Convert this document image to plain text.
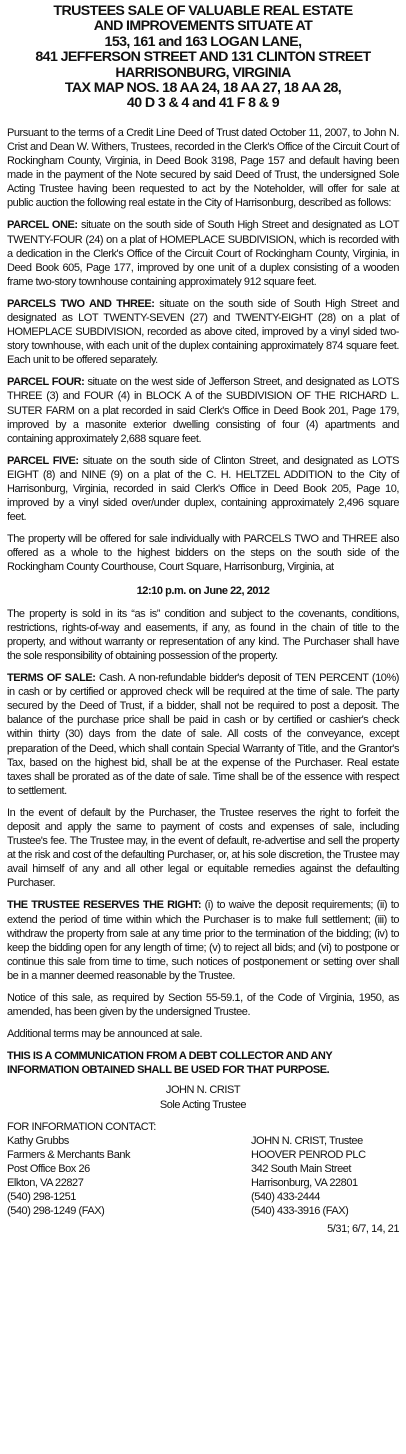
TRUSTEES SALE OF VALUABLE REAL ESTATE
AND IMPROVEMENTS SITUATE AT
153, 161 and 163 LOGAN LANE,
841 JEFFERSON STREET AND 131 CLINTON STREET
HARRISONBURG, VIRGINIA
TAX MAP NOS. 18 AA 24, 18 AA 27, 18 AA 28,
40 D 3 & 4 and 41 F 8 & 9

Pursuant to the terms of a Credit Line Deed of Trust dated October 11, 2007, to John N. Crist and Dean W. Withers, Trustees, recorded in the Clerk's Office of the Circuit Court of Rockingham County, Virginia, in Deed Book 3198, Page 157 and default having been made in the payment of the Note secured by said Deed of Trust, the undersigned Sole Acting Trustee having been requested to act by the Noteholder, will offer for sale at public auction the following real estate in the City of Harrisonburg, described as follows:

PARCEL ONE: situate on the south side of South High Street and designated as LOT TWENTY-FOUR (24) on a plat of HOMEPLACE SUBDIVISION, which is recorded with a dedication in the Clerk's Office of the Circuit Court of Rockingham County, Virginia, in Deed Book 605, Page 177, improved by one unit of a duplex consisting of a wooden frame two-story townhouse containing approximately 912 square feet.

PARCELS TWO AND THREE: situate on the south side of South High Street and designated as LOT TWENTY-SEVEN (27) and TWENTY-EIGHT (28) on a plat of HOMEPLACE SUBDIVISION, recorded as above cited, improved by a vinyl sided two-story townhouse, with each unit of the duplex containing approximately 874 square feet. Each unit to be offered separately.

PARCEL FOUR: situate on the west side of Jefferson Street, and designated as LOTS THREE (3) and FOUR (4) in BLOCK A of the SUBDIVISION OF THE RICHARD L. SUTER FARM on a plat recorded in said Clerk's Office in Deed Book 201, Page 179, improved by a masonite exterior dwelling consisting of four (4) apartments and containing approximately 2,688 square feet.

PARCEL FIVE: situate on the south side of Clinton Street, and designated as LOTS EIGHT (8) and NINE (9) on a plat of the C. H. HELTZEL ADDITION to the City of Harrisonburg, Virginia, recorded in said Clerk's Office in Deed Book 205, Page 10, improved by a vinyl sided over/under duplex, containing approximately 2,496 square feet.

The property will be offered for sale individually with PARCELS TWO and THREE also offered as a whole to the highest bidders on the steps on the south side of the Rockingham County Courthouse, Court Square, Harrisonburg, Virginia, at

12:10 p.m. on June 22, 2012

The property is sold in its “as is” condition and subject to the covenants, conditions, restrictions, rights-of-way and easements, if any, as found in the chain of title to the property, and without warranty or representation of any kind. The Purchaser shall have the sole responsibility of obtaining possession of the property.

TERMS OF SALE: Cash. A non-refundable bidder's deposit of TEN PERCENT (10%) in cash or by certified or approved check will be required at the time of sale. The party secured by the Deed of Trust, if a bidder, shall not be required to post a deposit. The balance of the purchase price shall be paid in cash or by certified or cashier's check within thirty (30) days from the date of sale. All costs of the conveyance, except preparation of the Deed, which shall contain Special Warranty of Title, and the Grantor's Tax, based on the highest bid, shall be at the expense of the Purchaser. Real estate taxes shall be prorated as of the date of sale. Time shall be of the essence with respect to settlement.

In the event of default by the Purchaser, the Trustee reserves the right to forfeit the deposit and apply the same to payment of costs and expenses of sale, including Trustee's fee. The Trustee may, in the event of default, re-advertise and sell the property at the risk and cost of the defaulting Purchaser, or, at his sole discretion, the Trustee may avail himself of any and all other legal or equitable remedies against the defaulting Purchaser.

THE TRUSTEE RESERVES THE RIGHT: (i) to waive the deposit requirements; (ii) to extend the period of time within which the Purchaser is to make full settlement; (iii) to withdraw the property from sale at any time prior to the termination of the bidding; (iv) to keep the bidding open for any length of time; (v) to reject all bids; and (vi) to postpone or continue this sale from time to time, such notices of postponement or setting over shall be in a manner deemed reasonable by the Trustee.

Notice of this sale, as required by Section 55-59.1, of the Code of Virginia, 1950, as amended, has been given by the undersigned Trustee.

Additional terms may be announced at sale.

THIS IS A COMMUNICATION FROM A DEBT COLLECTOR AND ANY INFORMATION OBTAINED SHALL BE USED FOR THAT PURPOSE.

JOHN N. CRIST
Sole Acting Trustee
FOR INFORMATION CONTACT:
Kathy Grubbs
Farmers & Merchants Bank
Post Office Box 26
Elkton, VA 22827
(540) 298-1251
(540) 298-1249 (FAX)
JOHN N. CRIST, Trustee
HOOVER PENROD PLC
342 South Main Street
Harrisonburg, VA 22801
(540) 433-2444
(540) 433-3916 (FAX)
5/31; 6/7, 14, 21
